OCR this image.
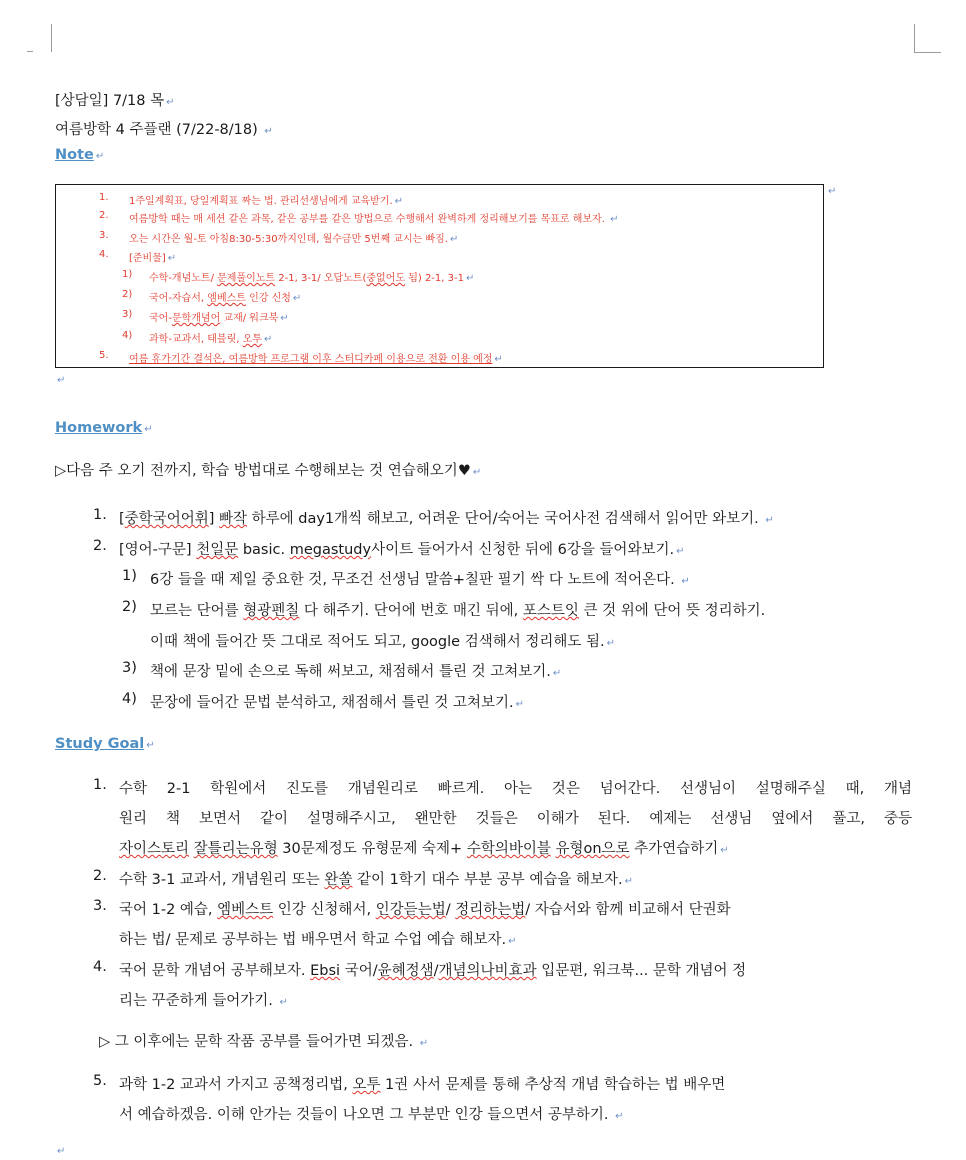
[상담일] 7/18 목 ↵
여름방학 4 주플랜 (7/22-8/18) ↵
Note ↵
1. 1주일계획표, 당일계획표 짜는 법. 관리선생님에게 교육받기. ↵
2. 여름방학 때는 매 세션 같은 과목, 같은 공부를 같은 방법으로 수행해서 완벽하게 정리해보기를 목표로 해보자. ↵
3. 오는 시간은 월-토 아침8:30-5:30까지인데, 월수금만 5번째 교시는 빠짐. ↵
4. [준비물] ↵
1) 수학-개념노트/ 문제풀이노트 2-1, 3-1/ 오답노트(중없어도 됨) 2-1, 3-1 ↵
2) 국어-자습서, 엠베스트 인강 신청 ↵
3) 국어-문학개념어 교재/ 워크북 ↵
4) 과학-교과서, 태블릿, 오투 ↵
5. 여름 휴가기간 결석은, 여름방학 프로그램 이후 스터디카페 이용으로 전환 이용 예정 ↵
↵
↵
Homework ↵
▷다음 주 오기 전까지, 학습 방법대로 수행해보는 것 연습해오기♥ ↵
1. [중학국어어휘] 빠작 하루에 day1개씩 해보고, 어려운 단어/숙어는 국어사전 검색해서 읽어만 와보기. ↵
2. [영어-구문] 천일문 basic. megastudy사이트 들어가서 신청한 뒤에 6강을 들어와보기. ↵
1) 6강 들을 때 제일 중요한 것, 무조건 선생님 말씀+칠판 필기 싹 다 노트에 적어온다. ↵
2) 모르는 단어를 형광펜칠 다 해주기. 단어에 번호 매긴 뒤에, 포스트잇 큰 것 위에 단어 뜻 정리하기.
이때 책에 들어간 뜻 그대로 적어도 되고, google 검색해서 정리해도 됨. ↵
3) 책에 문장 밑에 손으로 독해 써보고, 채점해서 틀린 것 고쳐보기. ↵
4) 문장에 들어간 문법 분석하고, 채점해서 틀린 것 고쳐보기. ↵
Study Goal ↵
1. 수학 2-1 학원에서 진도를 개념원리로 빠르게. 아는 것은 넘어간다. 선생님이 설명해주실 때, 개념
원리 책 보면서 같이 설명해주시고, 왠만한 것들은 이해가 된다. 예제는 선생님 옆에서 풀고, 중등
자이스토리 잘틀리는유형 30문제정도 유형문제 숙제+ 수학의바이블 유형on으로 추가연습하기 ↵
2. 수학 3-1 교과서, 개념원리 또는 완쏠 같이 1학기 대수 부분 공부 예습을 해보자. ↵
3. 국어 1-2 예습, 엠베스트 인강 신청해서, 인강듣는법/ 정리하는법/ 자습서와 함께 비교해서 단권화
하는 법/ 문제로 공부하는 법 배우면서 학교 수업 예습 해보자. ↵
4. 국어 문학 개념어 공부해보자. Ebsi 국어/윤혜정샘/개념의나비효과 입문편, 워크북... 문학 개념어 정
리는 꾸준하게 들어가기. ↵
▷ 그 이후에는 문학 작품 공부를 들어가면 되겠음. ↵
5. 과학 1-2 교과서 가지고 공책정리법, 오투 1권 사서 문제를 통해 추상적 개념 학습하는 법 배우면
서 예습하겠음. 이해 안가는 것들이 나오면 그 부분만 인강 들으면서 공부하기. ↵
↵
